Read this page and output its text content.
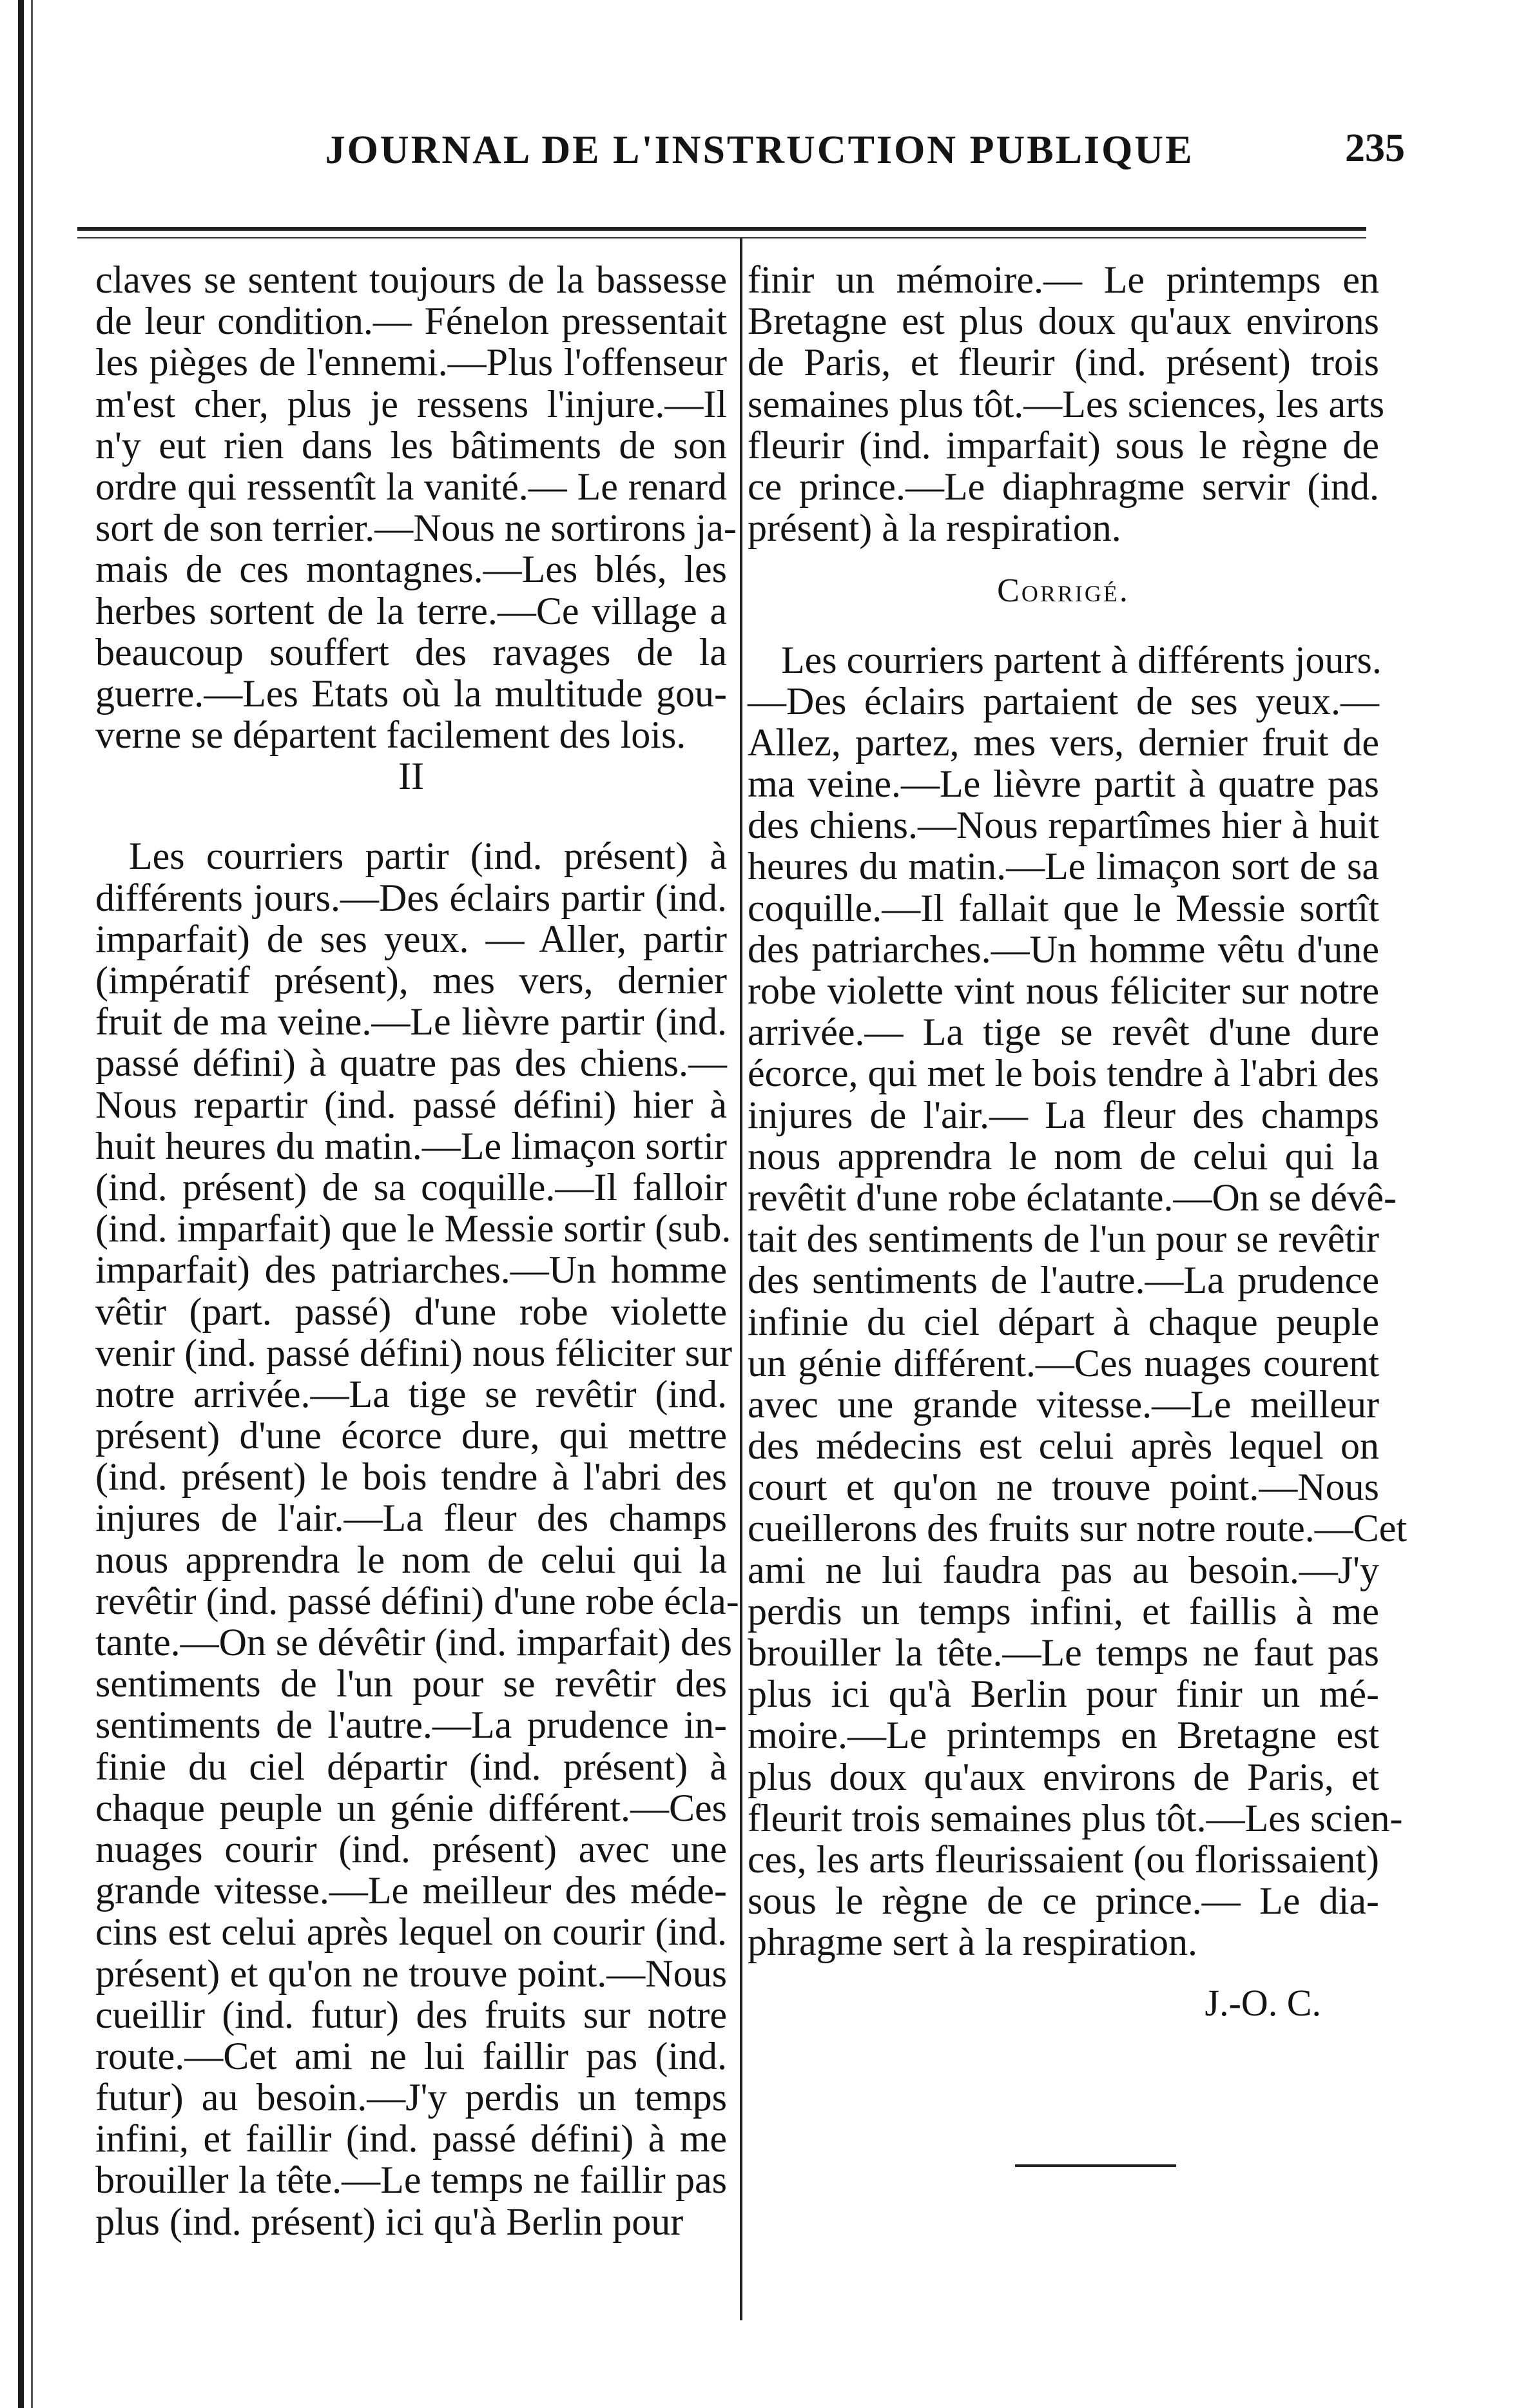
JOURNAL DE L'INSTRUCTION PUBLIQUE	235
claves se sentent toujours de la bassesse
de leur condition.— Fénelon pressentait
les pièges de l'ennemi.—Plus l'offenseur
m'est cher, plus je ressens l'injure.—Il
n'y eut rien dans les bâtiments de son
ordre qui ressentît la vanité.— Le renard
sort de son terrier.—Nous ne sortirons ja-
mais de ces montagnes.—Les blés, les
herbes sortent de la terre.—Ce village a
beaucoup souffert des ravages de la
guerre.—Les Etats où la multitude gou-
verne se départent facilement des lois.
II
Les courriers partir (ind. présent) à
différents jours.—Des éclairs partir (ind.
imparfait) de ses yeux. — Aller, partir
(impératif présent), mes vers, dernier
fruit de ma veine.—Le lièvre partir (ind.
passé défini) à quatre pas des chiens.—
Nous repartir (ind. passé défini) hier à
huit heures du matin.—Le limaçon sortir
(ind. présent) de sa coquille.—Il falloir
(ind. imparfait) que le Messie sortir (sub.
imparfait) des patriarches.—Un homme
vêtir (part. passé) d'une robe violette
venir (ind. passé défini) nous féliciter sur
notre arrivée.—La tige se revêtir (ind.
présent) d'une écorce dure, qui mettre
(ind. présent) le bois tendre à l'abri des
injures de l'air.—La fleur des champs
nous apprendra le nom de celui qui la
revêtir (ind. passé défini) d'une robe écla-
tante.—On se dévêtir (ind. imparfait) des
sentiments de l'un pour se revêtir des
sentiments de l'autre.—La prudence in-
finie du ciel départir (ind. présent) à
chaque peuple un génie différent.—Ces
nuages courir (ind. présent) avec une
grande vitesse.—Le meilleur des méde-
cins est celui après lequel on courir (ind.
présent) et qu'on ne trouve point.—Nous
cueillir (ind. futur) des fruits sur notre
route.—Cet ami ne lui faillir pas (ind.
futur) au besoin.—J'y perdis un temps
infini, et faillir (ind. passé défini) à me
brouiller la tête.—Le temps ne faillir pas
plus (ind. présent) ici qu'à Berlin pour
finir un mémoire.— Le printemps en
Bretagne est plus doux qu'aux environs
de Paris, et fleurir (ind. présent) trois
semaines plus tôt.—Les sciences, les arts
fleurir (ind. imparfait) sous le règne de
ce prince.—Le diaphragme servir (ind.
présent) à la respiration.
Corrigé.
Les courriers partent à différents jours.
—Des éclairs partaient de ses yeux.—
Allez, partez, mes vers, dernier fruit de
ma veine.—Le lièvre partit à quatre pas
des chiens.—Nous repartîmes hier à huit
heures du matin.—Le limaçon sort de sa
coquille.—Il fallait que le Messie sortît
des patriarches.—Un homme vêtu d'une
robe violette vint nous féliciter sur notre
arrivée.— La tige se revêt d'une dure
écorce, qui met le bois tendre à l'abri des
injures de l'air.— La fleur des champs
nous apprendra le nom de celui qui la
revêtit d'une robe éclatante.—On se dévê-
tait des sentiments de l'un pour se revêtir
des sentiments de l'autre.—La prudence
infinie du ciel départ à chaque peuple
un génie différent.—Ces nuages courent
avec une grande vitesse.—Le meilleur
des médecins est celui après lequel on
court et qu'on ne trouve point.—Nous
cueillerons des fruits sur notre route.—Cet
ami ne lui faudra pas au besoin.—J'y
perdis un temps infini, et faillis à me
brouiller la tête.—Le temps ne faut pas
plus ici qu'à Berlin pour finir un mé-
moire.—Le printemps en Bretagne est
plus doux qu'aux environs de Paris, et
fleurit trois semaines plus tôt.—Les scien-
ces, les arts fleurissaient (ou florissaient)
sous le règne de ce prince.— Le dia-
phragme sert à la respiration.
J.-O. C.
